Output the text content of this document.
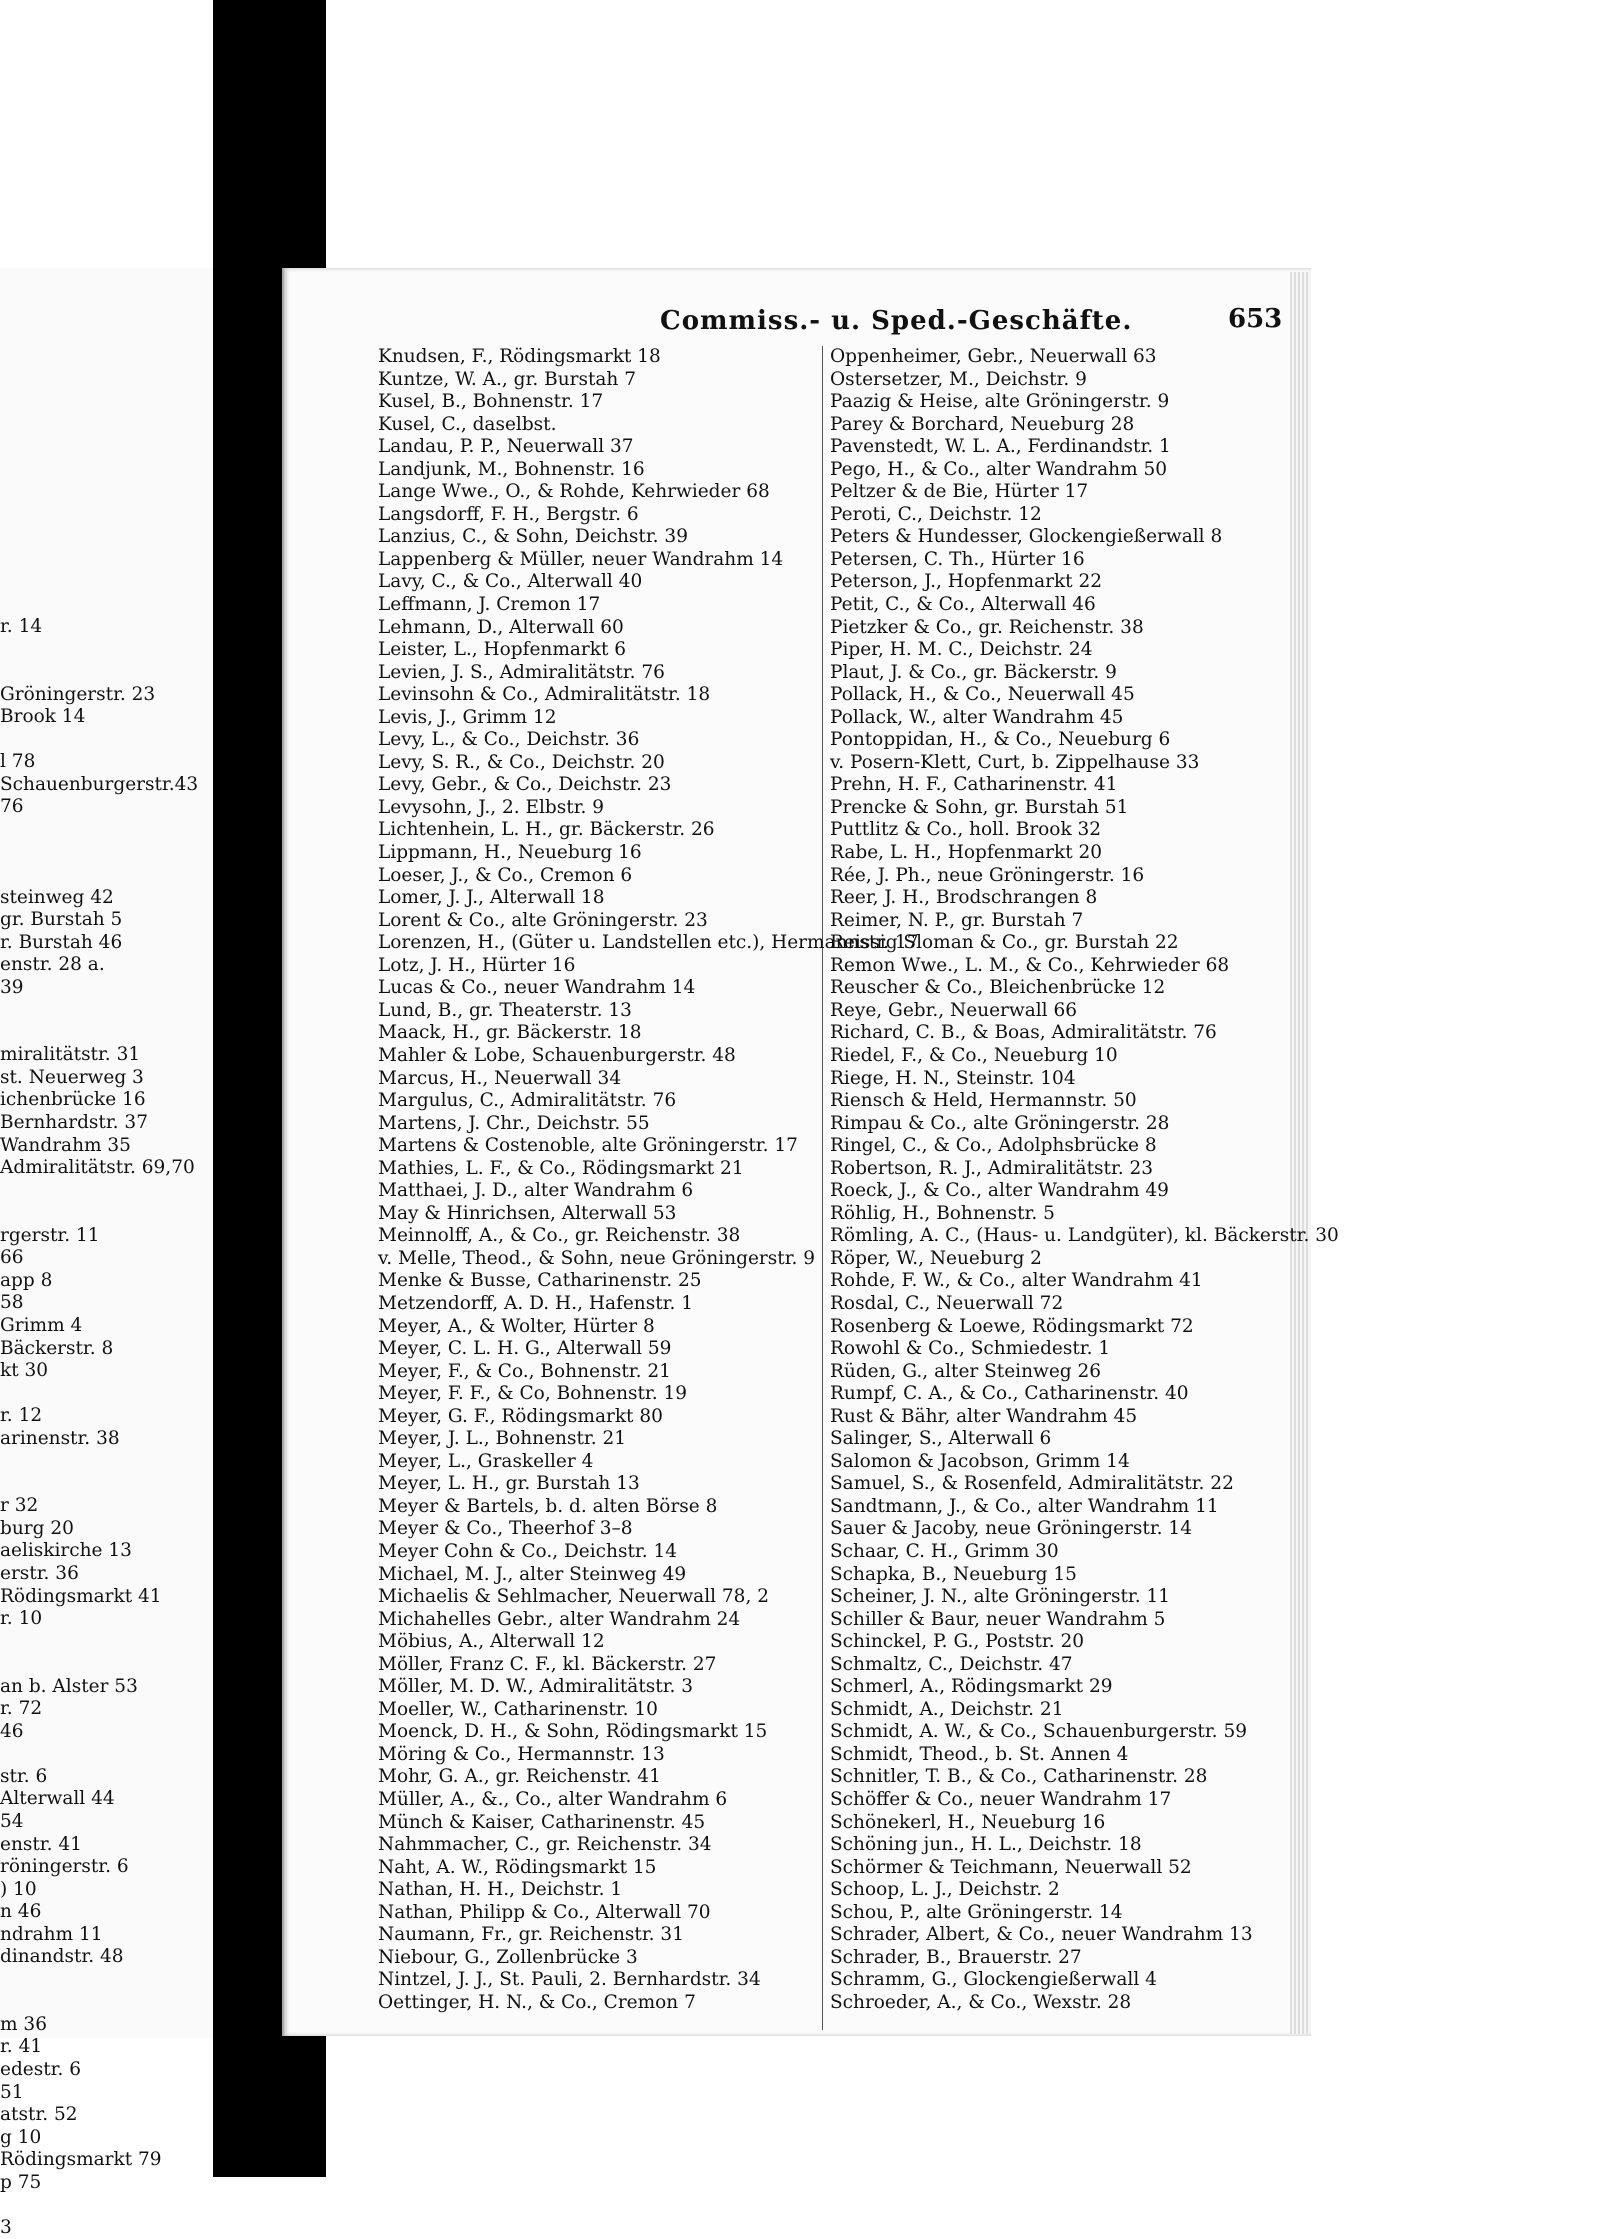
r. 14
Gröningerstr. 23
Brook 14
l 78
Schauenburgerstr.43
76
steinweg 42
gr. Burstah 5
r. Burstah 46
enstr. 28 a.
39
miralitätstr. 31
st. Neuerweg 3
ichenbrücke 16
Bernhardstr. 37
Wandrahm 35
Admiralitätstr. 69,70
rgerstr. 11
66
app 8
58
Grimm 4
Bäckerstr. 8
kt 30
r. 12
arinenstr. 38
r 32
burg 20
aeliskirche 13
erstr. 36
Rödingsmarkt 41
r. 10
an b. Alster 53
r. 72
46
str. 6
Alterwall 44
54
enstr. 41
röningerstr. 6
) 10
n 46
ndrahm 11
dinandstr. 48
m 36
r. 41
edestr. 6
51
atstr. 52
g 10
Rödingsmarkt 79
p 75
3
Commiss.- u. Sped.-Geschäfte.	653
Knudsen, F., Rödingsmarkt 18
Kuntze, W. A., gr. Burstah 7
Kusel, B., Bohnenstr. 17
Kusel, C., daselbst.
Landau, P. P., Neuerwall 37
Landjunk, M., Bohnenstr. 16
Lange Wwe., O., & Rohde, Kehrwieder 68
Langsdorff, F. H., Bergstr. 6
Lanzius, C., & Sohn, Deichstr. 39
Lappenberg & Müller, neuer Wandrahm 14
Lavy, C., & Co., Alterwall 40
Leffmann, J. Cremon 17
Lehmann, D., Alterwall 60
Leister, L., Hopfenmarkt 6
Levien, J. S., Admiralitätstr. 76
Levinsohn & Co., Admiralitätstr. 18
Levis, J., Grimm 12
Levy, L., & Co., Deichstr. 36
Levy, S. R., & Co., Deichstr. 20
Levy, Gebr., & Co., Deichstr. 23
Levysohn, J., 2. Elbstr. 9
Lichtenhein, L. H., gr. Bäckerstr. 26
Lippmann, H., Neueburg 16
Loeser, J., & Co., Cremon 6
Lomer, J. J., Alterwall 18
Lorent & Co., alte Gröningerstr. 23
Lorenzen, H., (Güter u. Landstellen etc.), Hermannstr. 17
Lotz, J. H., Hürter 16
Lucas & Co., neuer Wandrahm 14
Lund, B., gr. Theaterstr. 13
Maack, H., gr. Bäckerstr. 18
Mahler & Lobe, Schauenburgerstr. 48
Marcus, H., Neuerwall 34
Margulus, C., Admiralitätstr. 76
Martens, J. Chr., Deichstr. 55
Martens & Costenoble, alte Gröningerstr. 17
Mathies, L. F., & Co., Rödingsmarkt 21
Matthaei, J. D., alter Wandrahm 6
May & Hinrichsen, Alterwall 53
Meinnolff, A., & Co., gr. Reichenstr. 38
v. Melle, Theod., & Sohn, neue Gröningerstr. 9
Menke & Busse, Catharinenstr. 25
Metzendorff, A. D. H., Hafenstr. 1
Meyer, A., & Wolter, Hürter 8
Meyer, C. L. H. G., Alterwall 59
Meyer, F., & Co., Bohnenstr. 21
Meyer, F. F., & Co, Bohnenstr. 19
Meyer, G. F., Rödingsmarkt 80
Meyer, J. L., Bohnenstr. 21
Meyer, L., Graskeller 4
Meyer, L. H., gr. Burstah 13
Meyer & Bartels, b. d. alten Börse 8
Meyer & Co., Theerhof 3–8
Meyer Cohn & Co., Deichstr. 14
Michael, M. J., alter Steinweg 49
Michaelis & Sehlmacher, Neuerwall 78, 2
Michahelles Gebr., alter Wandrahm 24
Möbius, A., Alterwall 12
Möller, Franz C. F., kl. Bäckerstr. 27
Möller, M. D. W., Admiralitätstr. 3
Moeller, W., Catharinenstr. 10
Moenck, D. H., & Sohn, Rödingsmarkt 15
Möring & Co., Hermannstr. 13
Mohr, G. A., gr. Reichenstr. 41
Müller, A., &., Co., alter Wandrahm 6
Münch & Kaiser, Catharinenstr. 45
Nahmmacher, C., gr. Reichenstr. 34
Naht, A. W., Rödingsmarkt 15
Nathan, H. H., Deichstr. 1
Nathan, Philipp & Co., Alterwall 70
Naumann, Fr., gr. Reichenstr. 31
Niebour, G., Zollenbrücke 3
Nintzel, J. J., St. Pauli, 2. Bernhardstr. 34
Oettinger, H. N., & Co., Cremon 7
Oppenheimer, Gebr., Neuerwall 63
Ostersetzer, M., Deichstr. 9
Paazig & Heise, alte Gröningerstr. 9
Parey & Borchard, Neueburg 28
Pavenstedt, W. L. A., Ferdinandstr. 1
Pego, H., & Co., alter Wandrahm 50
Peltzer & de Bie, Hürter 17
Peroti, C., Deichstr. 12
Peters & Hundesser, Glockengießerwall 8
Petersen, C. Th., Hürter 16
Peterson, J., Hopfenmarkt 22
Petit, C., & Co., Alterwall 46
Pietzker & Co., gr. Reichenstr. 38
Piper, H. M. C., Deichstr. 24
Plaut, J. & Co., gr. Bäckerstr. 9
Pollack, H., & Co., Neuerwall 45
Pollack, W., alter Wandrahm 45
Pontoppidan, H., & Co., Neueburg 6
v. Posern-Klett, Curt, b. Zippelhause 33
Prehn, H. F., Catharinenstr. 41
Prencke & Sohn, gr. Burstah 51
Puttlitz & Co., holl. Brook 32
Rabe, L. H., Hopfenmarkt 20
Rée, J. Ph., neue Gröningerstr. 16
Reer, J. H., Brodschrangen 8
Reimer, N. P., gr. Burstah 7
Reissig Sloman & Co., gr. Burstah 22
Remon Wwe., L. M., & Co., Kehrwieder 68
Reuscher & Co., Bleichenbrücke 12
Reye, Gebr., Neuerwall 66
Richard, C. B., & Boas, Admiralitätstr. 76
Riedel, F., & Co., Neueburg 10
Riege, H. N., Steinstr. 104
Riensch & Held, Hermannstr. 50
Rimpau & Co., alte Gröningerstr. 28
Ringel, C., & Co., Adolphsbrücke 8
Robertson, R. J., Admiralitätstr. 23
Roeck, J., & Co., alter Wandrahm 49
Röhlig, H., Bohnenstr. 5
Römling, A. C., (Haus- u. Landgüter), kl. Bäckerstr. 30
Röper, W., Neueburg 2
Rohde, F. W., & Co., alter Wandrahm 41
Rosdal, C., Neuerwall 72
Rosenberg & Loewe, Rödingsmarkt 72
Rowohl & Co., Schmiedestr. 1
Rüden, G., alter Steinweg 26
Rumpf, C. A., & Co., Catharinenstr. 40
Rust & Bähr, alter Wandrahm 45
Salinger, S., Alterwall 6
Salomon & Jacobson, Grimm 14
Samuel, S., & Rosenfeld, Admiralitätstr. 22
Sandtmann, J., & Co., alter Wandrahm 11
Sauer & Jacoby, neue Gröningerstr. 14
Schaar, C. H., Grimm 30
Schapka, B., Neueburg 15
Scheiner, J. N., alte Gröningerstr. 11
Schiller & Baur, neuer Wandrahm 5
Schinckel, P. G., Poststr. 20
Schmaltz, C., Deichstr. 47
Schmerl, A., Rödingsmarkt 29
Schmidt, A., Deichstr. 21
Schmidt, A. W., & Co., Schauenburgerstr. 59
Schmidt, Theod., b. St. Annen 4
Schnitler, T. B., & Co., Catharinenstr. 28
Schöffer & Co., neuer Wandrahm 17
Schönekerl, H., Neueburg 16
Schöning jun., H. L., Deichstr. 18
Schörmer & Teichmann, Neuerwall 52
Schoop, L. J., Deichstr. 2
Schou, P., alte Gröningerstr. 14
Schrader, Albert, & Co., neuer Wandrahm 13
Schrader, B., Brauerstr. 27
Schramm, G., Glockengießerwall 4
Schroeder, A., & Co., Wexstr. 28
